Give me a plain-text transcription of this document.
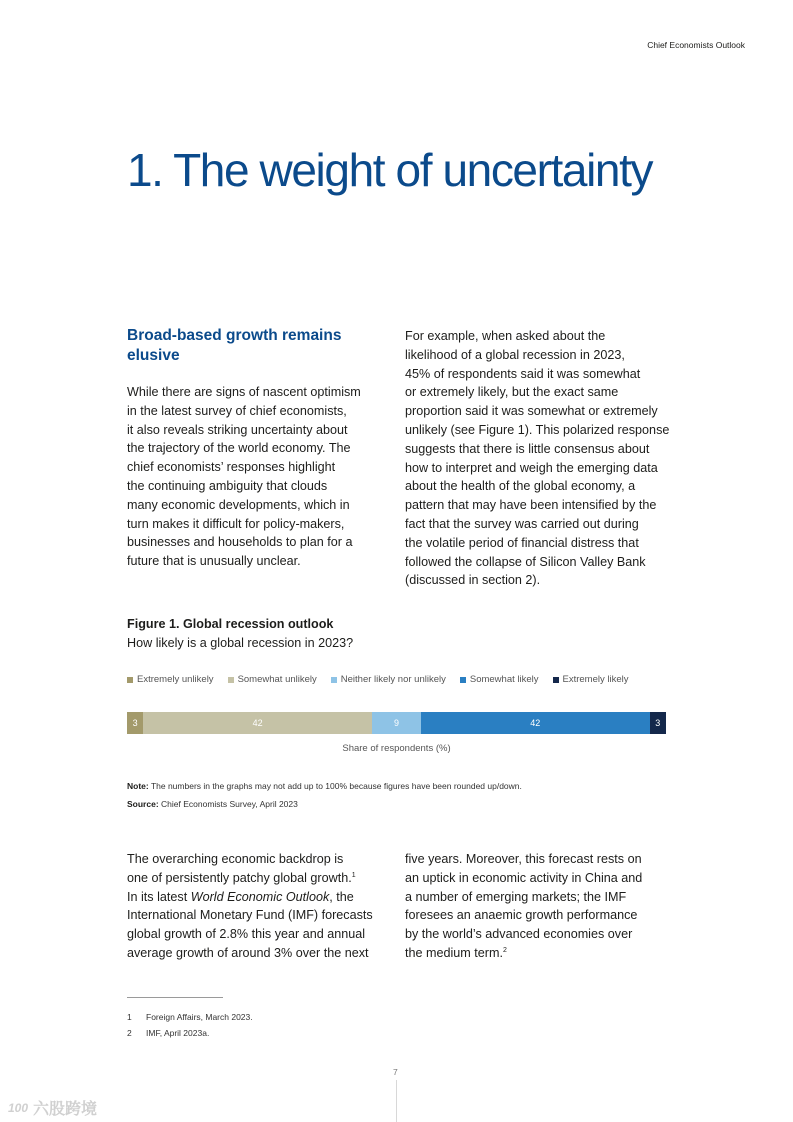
Chief Economists Outlook
1. The weight of uncertainty
Broad-based growth remains elusive
While there are signs of nascent optimism
in the latest survey of chief economists,
it also reveals striking uncertainty about
the trajectory of the world economy. The
chief economists’ responses highlight
the continuing ambiguity that clouds
many economic developments, which in
turn makes it difficult for policy-makers,
businesses and households to plan for a
future that is unusually unclear.
For example, when asked about the
likelihood of a global recession in 2023,
45% of respondents said it was somewhat
or extremely likely, but the exact same
proportion said it was somewhat or extremely
unlikely (see Figure 1). This polarized response
suggests that there is little consensus about
how to interpret and weigh the emerging data
about the health of the global economy, a
pattern that may have been intensified by the
fact that the survey was carried out during
the volatile period of financial distress that
followed the collapse of Silicon Valley Bank
(discussed in section 2).
Figure 1. Global recession outlook
How likely is a global recession in 2023?
Extremely unlikely	Somewhat unlikely	Neither likely nor unlikely	Somewhat likely	Extremely likely
3	42	9	42	3
Share of respondents (%)
Note: The numbers in the graphs may not add up to 100% because figures have been rounded up/down.
Source: Chief Economists Survey, April 2023
The overarching economic backdrop is
one of persistently patchy global growth.$^1$
In its latest World Economic Outlook, the
International Monetary Fund (IMF) forecasts
global growth of 2.8% this year and annual
average growth of around 3% over the next
five years. Moreover, this forecast rests on
an uptick in economic activity in China and
a number of emerging markets; the IMF
foresees an anaemic growth performance
by the world’s advanced economies over
the medium term.$^2$
1 Foreign Affairs, March 2023.
2 IMF, April 2023a.
7
100 六股跨境
